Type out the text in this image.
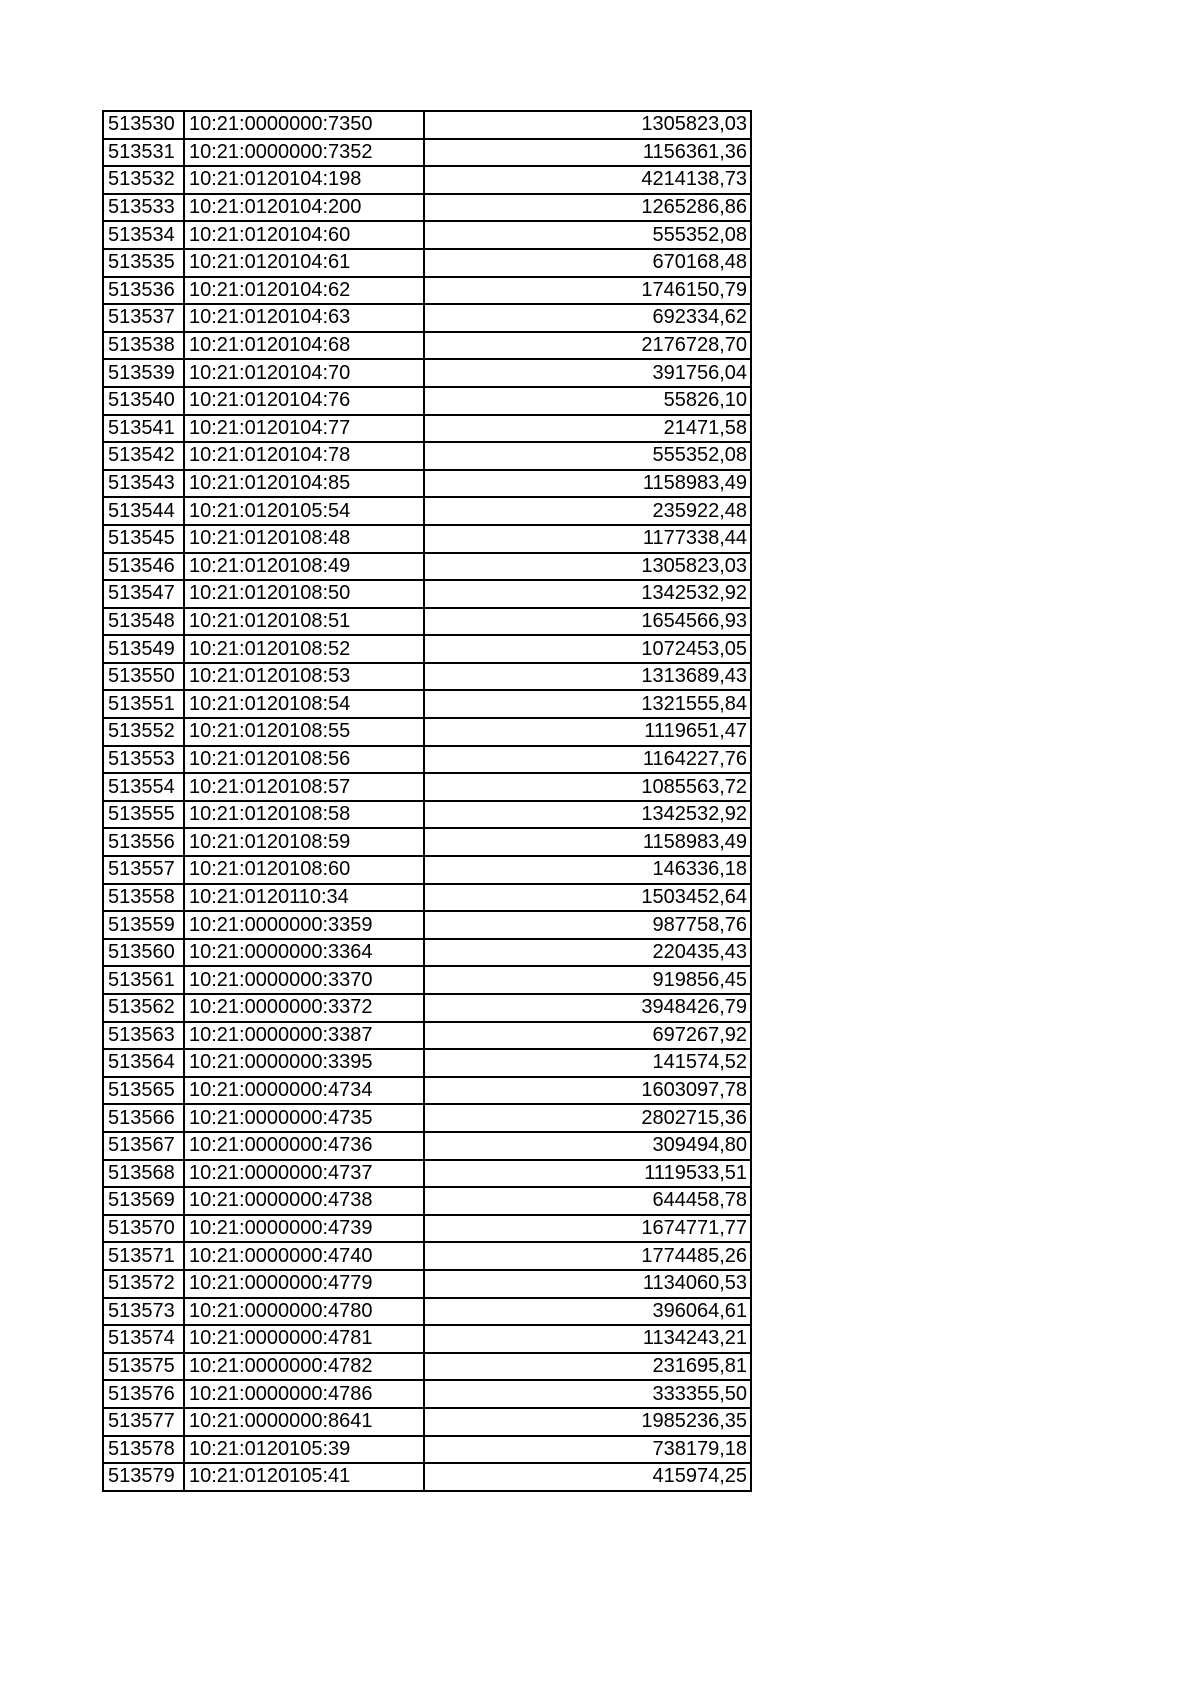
513530	10:21:0000000:7350	1305823,03
513531	10:21:0000000:7352	1156361,36
513532	10:21:0120104:198	4214138,73
513533	10:21:0120104:200	1265286,86
513534	10:21:0120104:60	555352,08
513535	10:21:0120104:61	670168,48
513536	10:21:0120104:62	1746150,79
513537	10:21:0120104:63	692334,62
513538	10:21:0120104:68	2176728,70
513539	10:21:0120104:70	391756,04
513540	10:21:0120104:76	55826,10
513541	10:21:0120104:77	21471,58
513542	10:21:0120104:78	555352,08
513543	10:21:0120104:85	1158983,49
513544	10:21:0120105:54	235922,48
513545	10:21:0120108:48	1177338,44
513546	10:21:0120108:49	1305823,03
513547	10:21:0120108:50	1342532,92
513548	10:21:0120108:51	1654566,93
513549	10:21:0120108:52	1072453,05
513550	10:21:0120108:53	1313689,43
513551	10:21:0120108:54	1321555,84
513552	10:21:0120108:55	1119651,47
513553	10:21:0120108:56	1164227,76
513554	10:21:0120108:57	1085563,72
513555	10:21:0120108:58	1342532,92
513556	10:21:0120108:59	1158983,49
513557	10:21:0120108:60	146336,18
513558	10:21:0120110:34	1503452,64
513559	10:21:0000000:3359	987758,76
513560	10:21:0000000:3364	220435,43
513561	10:21:0000000:3370	919856,45
513562	10:21:0000000:3372	3948426,79
513563	10:21:0000000:3387	697267,92
513564	10:21:0000000:3395	141574,52
513565	10:21:0000000:4734	1603097,78
513566	10:21:0000000:4735	2802715,36
513567	10:21:0000000:4736	309494,80
513568	10:21:0000000:4737	1119533,51
513569	10:21:0000000:4738	644458,78
513570	10:21:0000000:4739	1674771,77
513571	10:21:0000000:4740	1774485,26
513572	10:21:0000000:4779	1134060,53
513573	10:21:0000000:4780	396064,61
513574	10:21:0000000:4781	1134243,21
513575	10:21:0000000:4782	231695,81
513576	10:21:0000000:4786	333355,50
513577	10:21:0000000:8641	1985236,35
513578	10:21:0120105:39	738179,18
513579	10:21:0120105:41	415974,25
